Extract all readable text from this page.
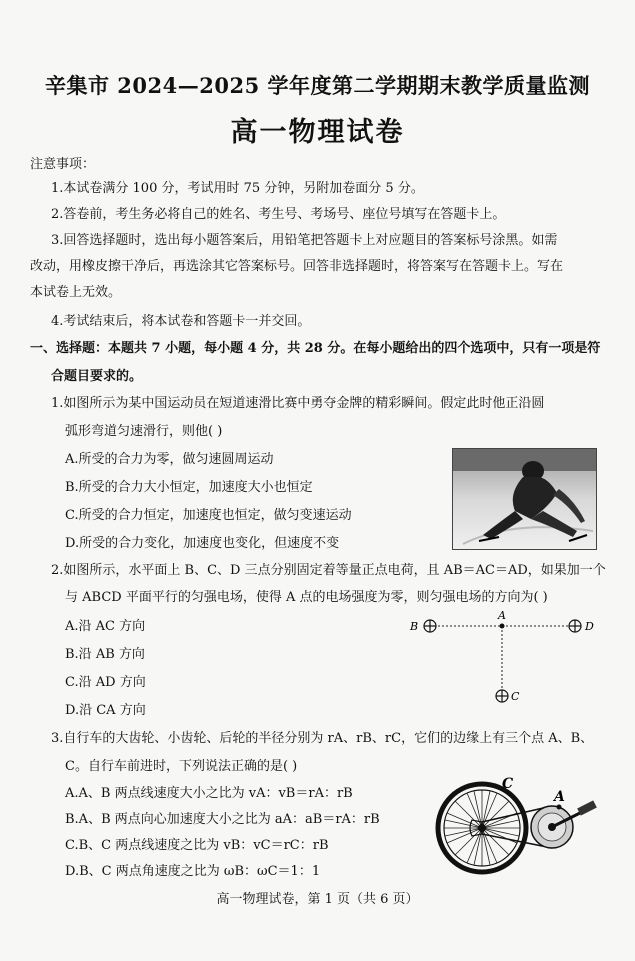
辛集市 2024—2025 学年度第二学期期末教学质量监测
高一物理试卷
注意事项：
1.本试卷满分 100 分，考试用时 75 分钟，另附加卷面分 5 分。
2.答卷前，考生务必将自己的姓名、考生号、考场号、座位号填写在答题卡上。
3.回答选择题时，选出每小题答案后，用铅笔把答题卡上对应题目的答案标号涂黑。如需
改动，用橡皮擦干净后，再选涂其它答案标号。回答非选择题时，将答案写在答题卡上。写在
本试卷上无效。
4.考试结束后，将本试卷和答题卡一并交回。
一、选择题：本题共 7 小题，每小题 4 分，共 28 分。在每小题给出的四个选项中，只有一项是符
合题目要求的。
1.如图所示为某中国运动员在短道速滑比赛中勇夺金牌的精彩瞬间。假定此时他正沿圆
弧形弯道匀速滑行，则他( )
A.所受的合力为零，做匀速圆周运动
B.所受的合力大小恒定，加速度大小也恒定
C.所受的合力恒定，加速度也恒定，做匀变速运动
D.所受的合力变化，加速度也变化，但速度不变
2.如图所示，水平面上 B、C、D 三点分别固定着等量正点电荷，且 AB＝AC＝AD，如果加一个
与 ABCD 平面平行的匀强电场，使得 A 点的电场强度为零，则匀强电场的方向为( )
A.沿 AC 方向
B.沿 AB 方向
C.沿 AD 方向
D.沿 CA 方向
A
B	D
C
3.自行车的大齿轮、小齿轮、后轮的半径分别为 rA、rB、rC，它们的边缘上有三个点 A、B、
C。自行车前进时，下列说法正确的是( )
A.A、B 两点线速度大小之比为 vA：vB＝rA：rB
B.A、B 两点向心加速度大小之比为 aA：aB＝rA：rB
C.B、C 两点线速度之比为 vB：vC＝rC：rB
D.B、C 两点角速度之比为 ωB：ωC＝1：1
A
C
高一物理试卷，第 1 页（共 6 页）
